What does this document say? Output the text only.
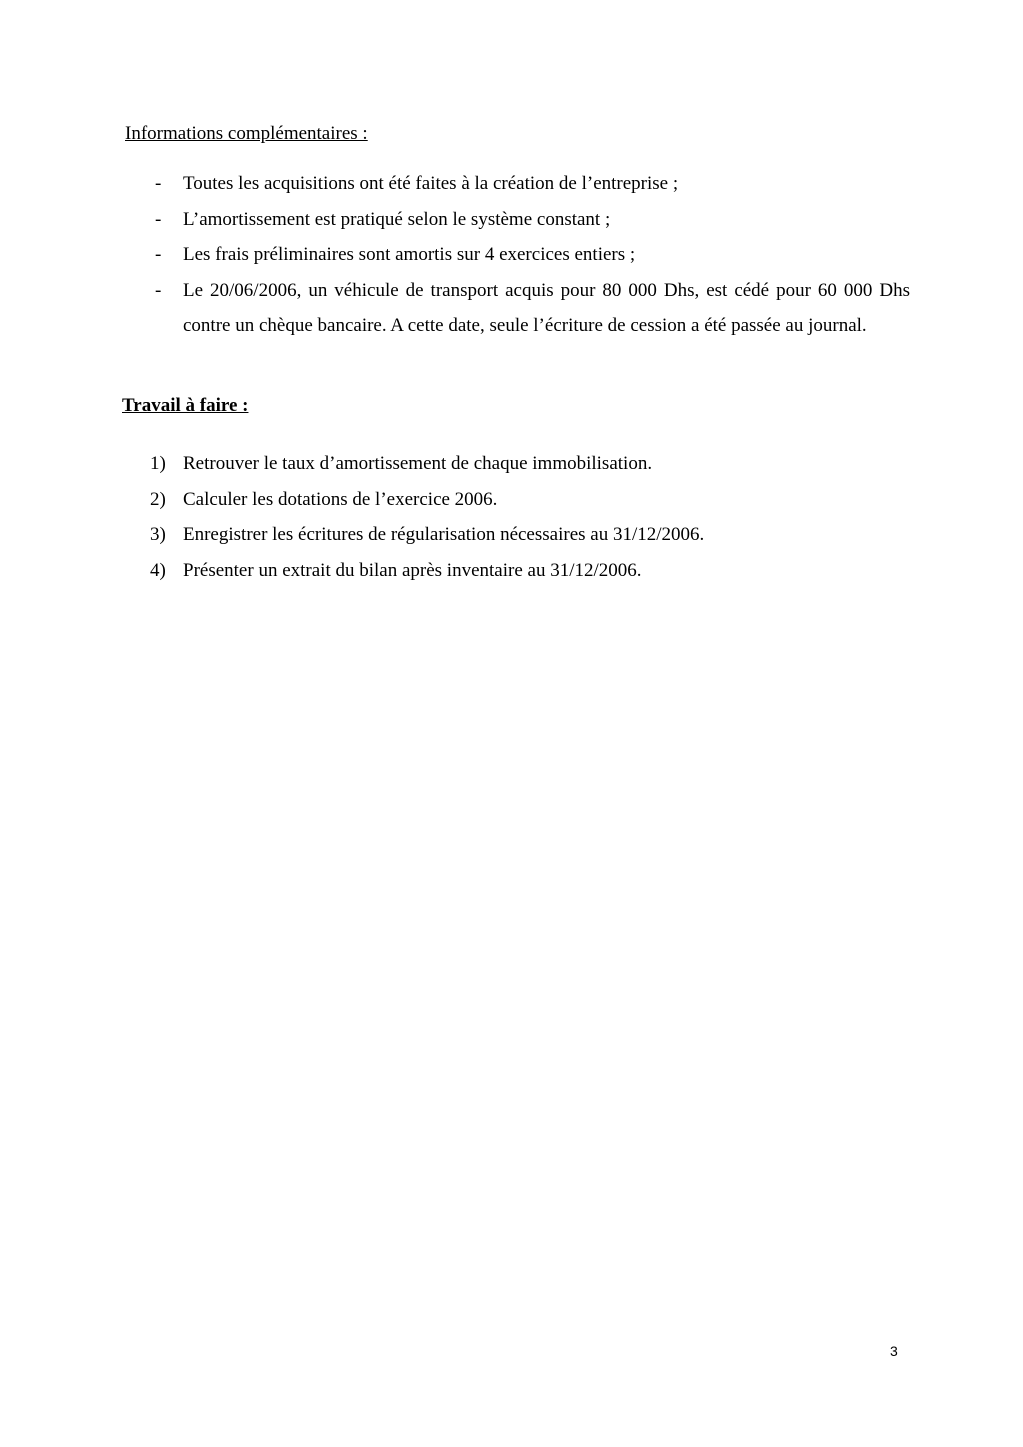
Informations complémentaires :
-	Toutes les acquisitions ont été faites à la création de l’entreprise ;
-	L’amortissement est pratiqué selon le système constant ;
-	Les frais préliminaires sont amortis sur 4 exercices entiers ;
-	Le 20/06/2006, un véhicule de transport acquis pour 80 000 Dhs, est cédé pour 60 000 Dhs contre un chèque bancaire. A cette date, seule l’écriture de cession a été passée au journal.
Travail à faire :
1) Retrouver le taux d’amortissement de chaque immobilisation.
2) Calculer les dotations de l’exercice 2006.
3) Enregistrer les écritures de régularisation nécessaires au 31/12/2006.
4) Présenter un extrait du bilan après inventaire au 31/12/2006.
3
